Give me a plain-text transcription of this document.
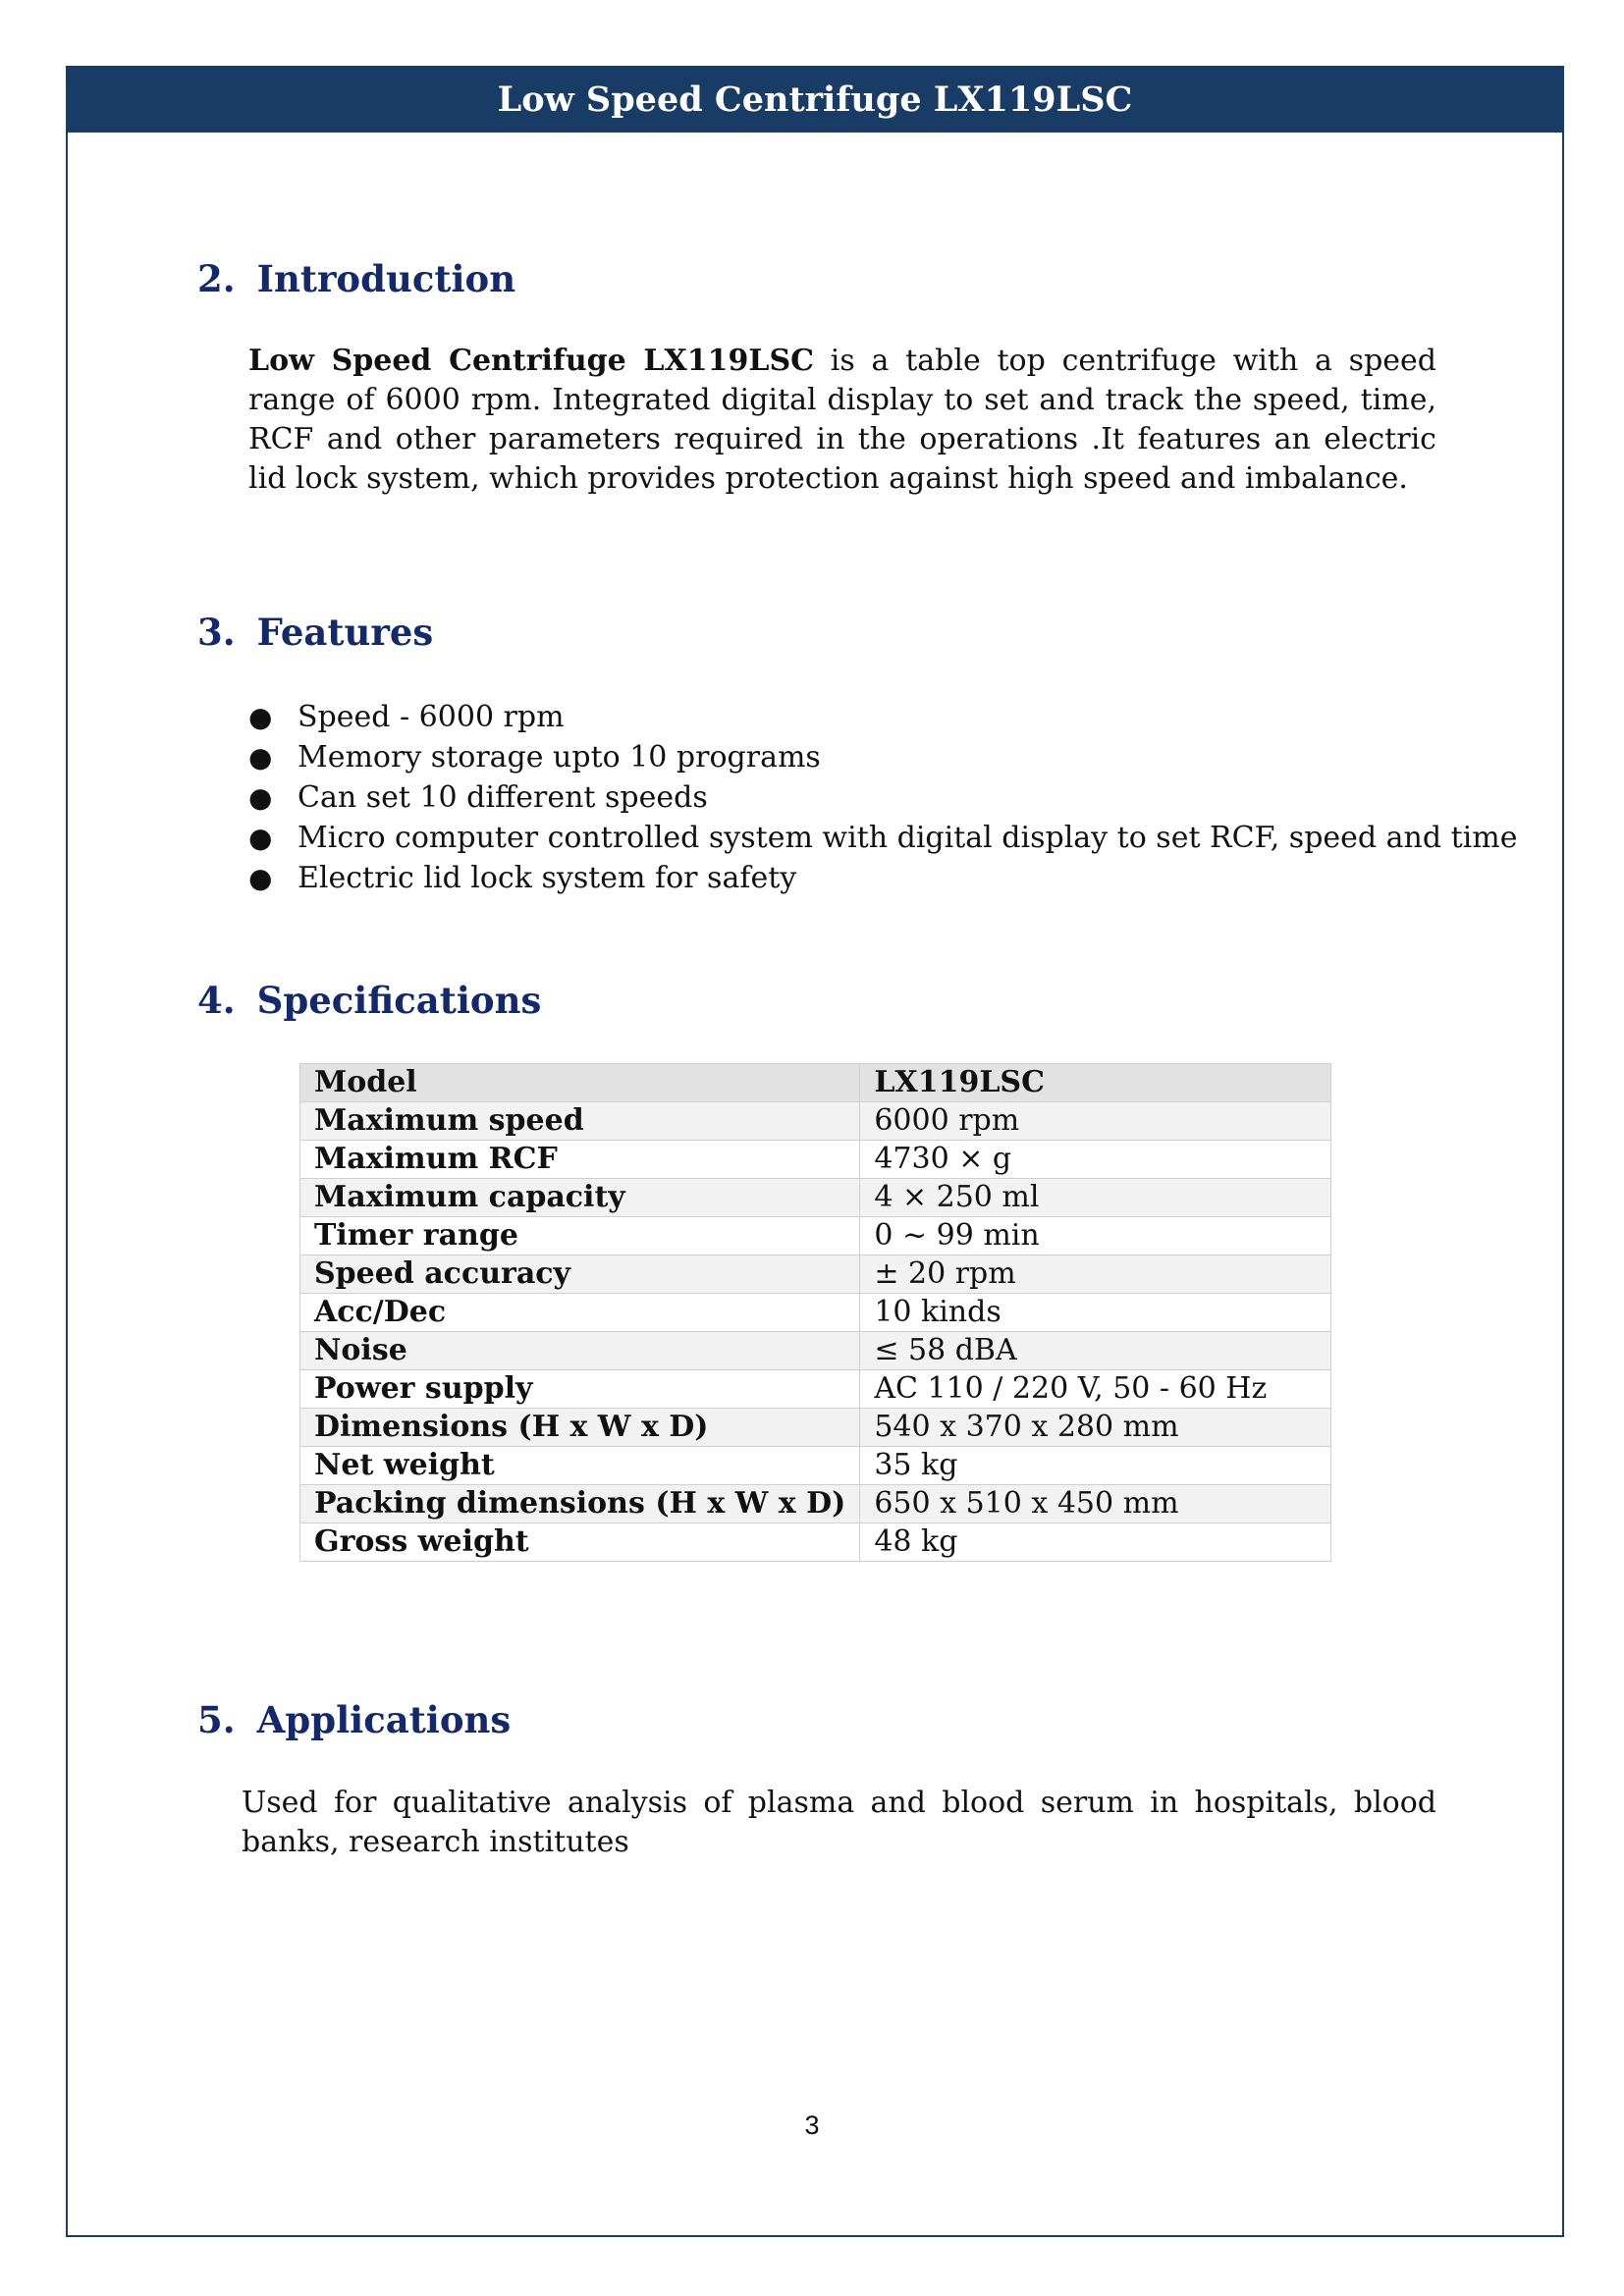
Low Speed Centrifuge LX119LSC
2. Introduction

Low Speed Centrifuge LX119LSC is a table top centrifuge with a speed range of 6000 rpm. Integrated digital display to set and track the speed, time, RCF and other parameters required in the operations .It features an electric lid lock system, which provides protection against high speed and imbalance.

3. Features
● Speed - 6000 rpm
● Memory storage upto 10 programs
● Can set 10 different speeds
● Micro computer controlled system with digital display to set RCF, speed and time
● Electric lid lock system for safety
4. Specifications
Model	LX119LSC
Maximum speed	6000 rpm
Maximum RCF	4730 × g
Maximum capacity	4 × 250 ml
Timer range	0 ~ 99 min
Speed accuracy	± 20 rpm
Acc/Dec	10 kinds
Noise	≤ 58 dBA
Power supply	AC 110 / 220 V, 50 - 60 Hz
Dimensions (H x W x D)	540 x 370 x 280 mm
Net weight	35 kg
Packing dimensions (H x W x D)	650 x 510 x 450 mm
Gross weight	48 kg
5. Applications

Used for qualitative analysis of plasma and blood serum in hospitals, blood banks, research institutes

3
